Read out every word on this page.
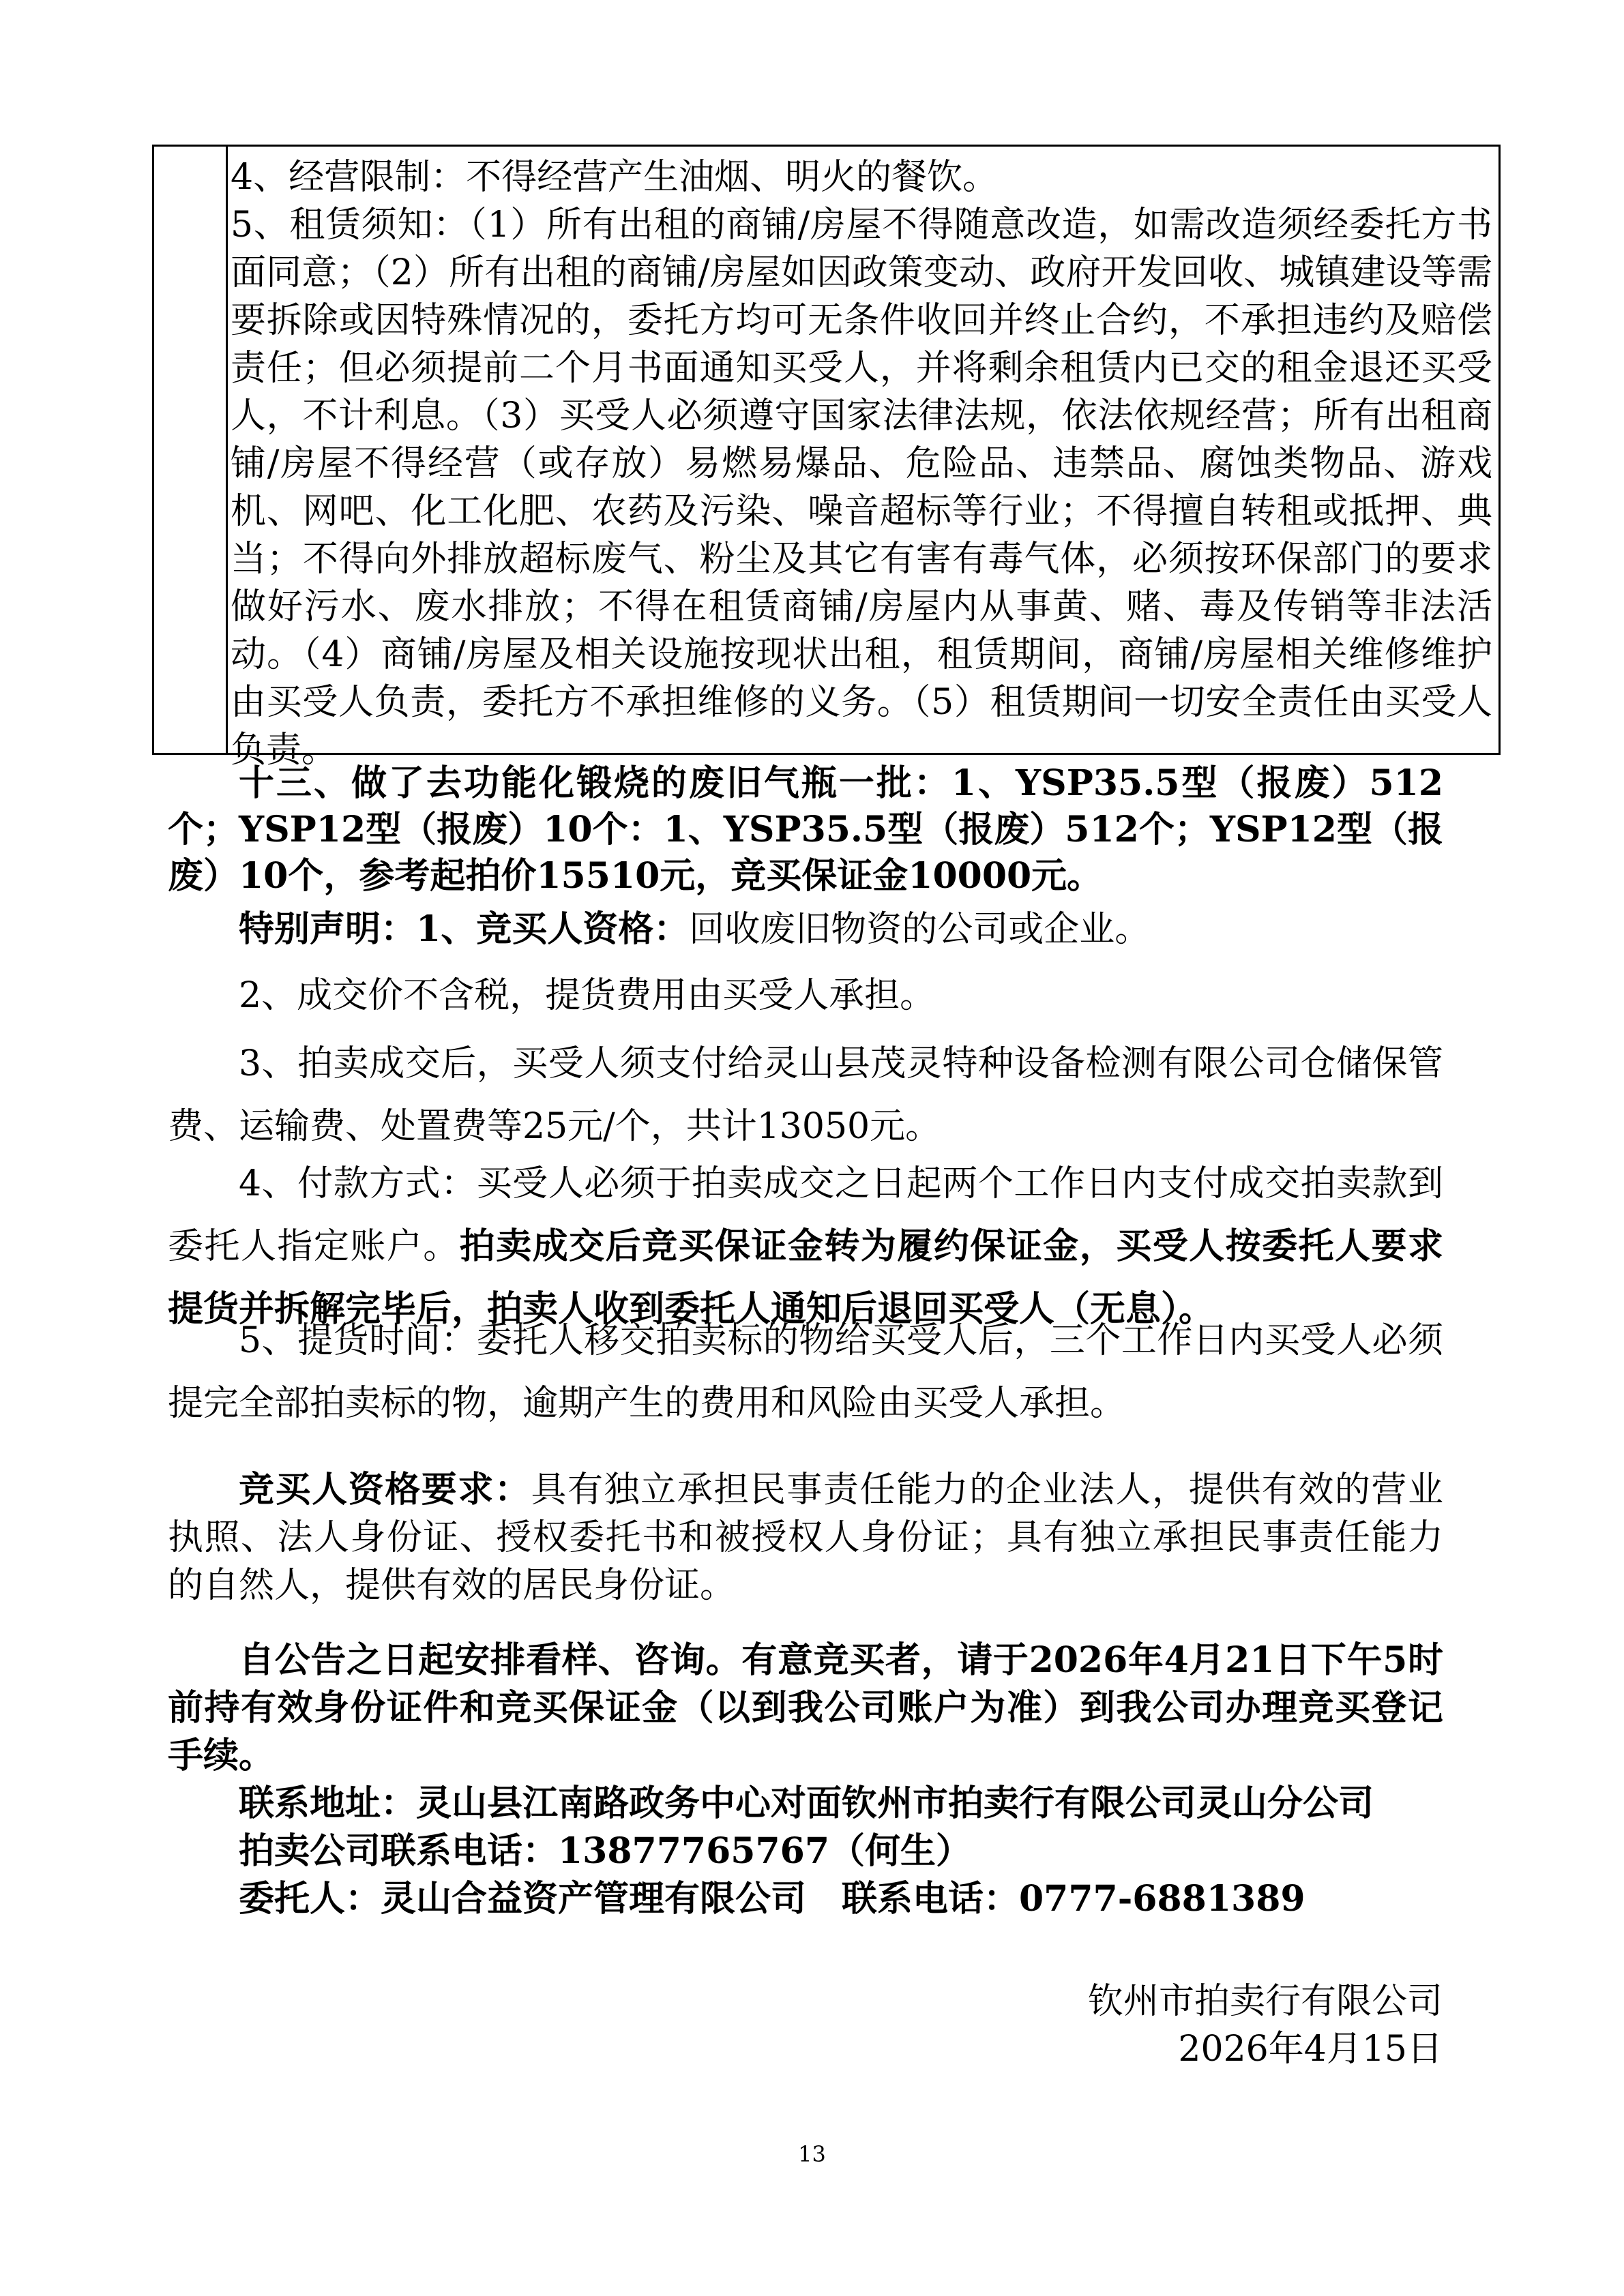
4、经营限制：不得经营产生油烟、明火的餐饮。

5、租赁须知：（1）所有出租的商铺/房屋不得随意改造，如需改造须经委托方书面同意；（2）所有出租的商铺/房屋如因政策变动、政府开发回收、城镇建设等需要拆除或因特殊情况的，委托方均可无条件收回并终止合约，不承担违约及赔偿责任；但必须提前二个月书面通知买受人，并将剩余租赁内已交的租金退还买受人，不计利息。（3）买受人必须遵守国家法律法规，依法依规经营；所有出租商铺/房屋不得经营（或存放）易燃易爆品、危险品、违禁品、腐蚀类物品、游戏机、网吧、化工化肥、农药及污染、噪音超标等行业；不得擅自转租或抵押、典当；不得向外排放超标废气、粉尘及其它有害有毒气体，必须按环保部门的要求做好污水、废水排放；不得在租赁商铺/房屋内从事黄、赌、毒及传销等非法活动。（4）商铺/房屋及相关设施按现状出租，租赁期间，商铺/房屋相关维修维护由买受人负责，委托方不承担维修的义务。（5）租赁期间一切安全责任由买受人负责。

十三、做了去功能化锻烧的废旧气瓶一批：1、YSP35.5型（报废）512个；YSP12型（报废）10个：1、YSP35.5型（报废）512个；YSP12型（报废）10个，参考起拍价15510元，竞买保证金10000元。

特别声明：1、竞买人资格：回收废旧物资的公司或企业。

2、成交价不含税，提货费用由买受人承担。

3、拍卖成交后，买受人须支付给灵山县茂灵特种设备检测有限公司仓储保管费、运输费、处置费等25元/个，共计13050元。

4、付款方式：买受人必须于拍卖成交之日起两个工作日内支付成交拍卖款到委托人指定账户。拍卖成交后竞买保证金转为履约保证金，买受人按委托人要求提货并拆解完毕后，拍卖人收到委托人通知后退回买受人（无息）。

5、提货时间：委托人移交拍卖标的物给买受人后，三个工作日内买受人必须提完全部拍卖标的物，逾期产生的费用和风险由买受人承担。

竞买人资格要求：具有独立承担民事责任能力的企业法人，提供有效的营业执照、法人身份证、授权委托书和被授权人身份证；具有独立承担民事责任能力的自然人，提供有效的居民身份证。

自公告之日起安排看样、咨询。有意竞买者，请于2026年4月21日下午5时前持有效身份证件和竞买保证金（以到我公司账户为准）到我公司办理竞买登记手续。

联系地址：灵山县江南路政务中心对面钦州市拍卖行有限公司灵山分公司

拍卖公司联系电话：13877765767（何生）

委托人：灵山合益资产管理有限公司　联系电话：0777-6881389

钦州市拍卖行有限公司
2026年4月15日
13
